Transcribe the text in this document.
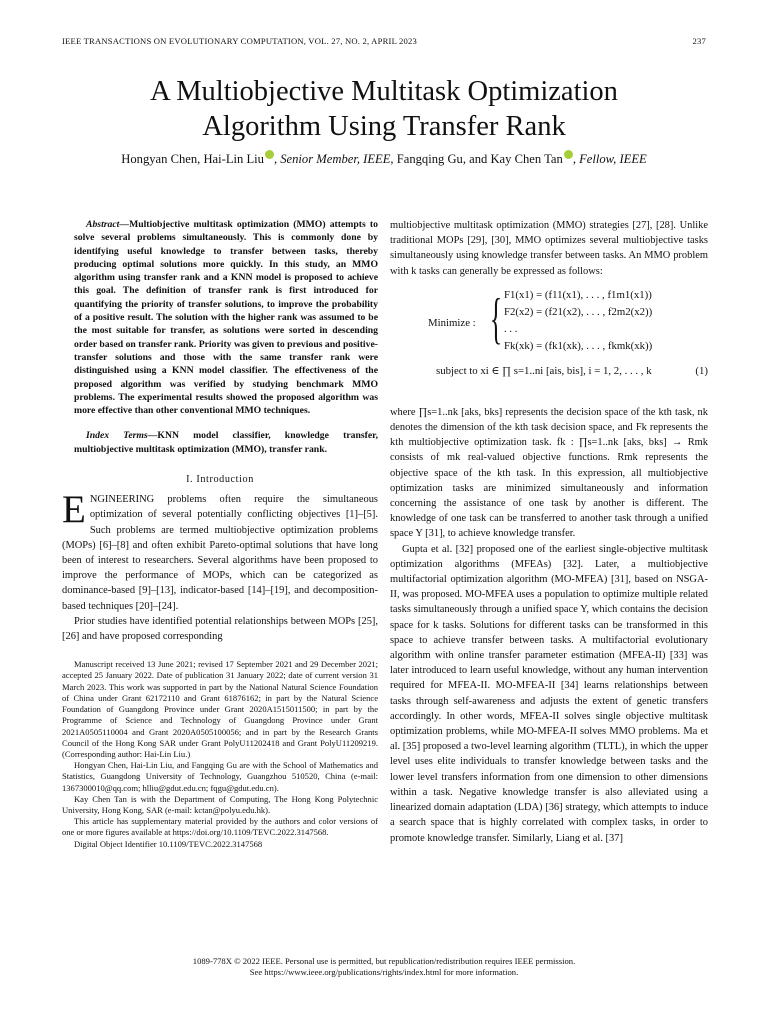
IEEE TRANSACTIONS ON EVOLUTIONARY COMPUTATION, VOL. 27, NO. 2, APRIL 2023	237
A Multiobjective Multitask Optimization
Algorithm Using Transfer Rank
Hongyan Chen, Hai-Lin Liu , Senior Member, IEEE, Fangqing Gu, and Kay Chen Tan , Fellow, IEEE

Abstract—Multiobjective multitask optimization (MMO) attempts to solve several problems simultaneously. This is commonly done by identifying useful knowledge to transfer between tasks, thereby producing optimal solutions more quickly. In this study, an MMO algorithm using transfer rank and a KNN model is proposed to achieve this goal. The definition of transfer rank is first introduced for quantifying the priority of transfer solutions, to improve the probability of a positive result. The solution with the higher rank was assumed to be the most suitable for transfer, as solutions were sorted in descending order based on transfer rank. Priority was given to previous and positive-transfer solutions and those with the same transfer rank were distinguished using a KNN model classifier. The effectiveness of the proposed algorithm was verified by studying benchmark MMO problems. The experimental results showed the proposed algorithm was more effective than other conventional MMO techniques.

Index Terms—KNN model classifier, knowledge transfer, multiobjective multitask optimization (MMO), transfer rank.

I. Introduction

ENGINEERING problems often require the simultaneous optimization of several potentially conflicting objectives [1]–[5]. Such problems are termed multiobjective optimization problems (MOPs) [6]–[8] and often exhibit Pareto-optimal solutions that have long been of interest to researchers. Several algorithms have been proposed to improve the performance of MOPs, which can be categorized as dominance-based [9]–[13], indicator-based [14]–[19], and decomposition-based techniques [20]–[24].

Prior studies have identified potential relationships between MOPs [25], [26] and have proposed corresponding

Manuscript received 13 June 2021; revised 17 September 2021 and 29 December 2021; accepted 25 January 2022. Date of publication 31 January 2022; date of current version 31 March 2023. This work was supported in part by the National Natural Science Foundation of China under Grant 62172110 and Grant 61876162; in part by the Natural Science Foundation of Guangdong Province under Grant 2020A1515011500; in part by the Programme of Science and Technology of Guangdong Province under Grant 2021A0505110004 and Grant 2020A0505100056; and in part by the Research Grants Council of the Hong Kong SAR under Grant PolyU11202418 and Grant PolyU11209219. (Corresponding author: Hai-Lin Liu.)

Hongyan Chen, Hai-Lin Liu, and Fangqing Gu are with the School of Mathematics and Statistics, Guangdong University of Technology, Guangzhou 510520, China (e-mail: 1367300010@qq.com; hlliu@gdut.edu.cn; fqgu@gdut.edu.cn).

Kay Chen Tan is with the Department of Computing, The Hong Kong Polytechnic University, Hong Kong, SAR (e-mail: kctan@polyu.edu.hk).

This article has supplementary material provided by the authors and color versions of one or more figures available at https://doi.org/10.1109/TEVC.2022.3147568.

Digital Object Identifier 10.1109/TEVC.2022.3147568

multiobjective multitask optimization (MMO) strategies [27], [28]. Unlike traditional MOPs [29], [30], MMO optimizes several multiobjective tasks simultaneously using knowledge transfer between tasks. An MMO problem with k tasks can generally be expressed as follows:

Minimize : { F1(x1) = (f11(x1), . . . , f1m1(x1))
F2(x2) = (f21(x2), . . . , f2m2(x2))
. . .
Fk(xk) = (fk1(xk), . . . , fkmk(xk))
subject to xi ∈ ∏ s=1..ni [ais, bis], i = 1, 2, . . . , k	(1)

where ∏s=1..nk [aks, bks] represents the decision space of the kth task, nk denotes the dimension of the kth task decision space, and Fk represents the kth multiobjective optimization task. fk : ∏s=1..nk [aks, bks] → Rmk consists of mk real-valued objective functions. Rmk represents the objective space of the kth task. In this expression, all multiobjective optimization tasks are minimized simultaneously and information concerning the assistance of one task by another is different. The knowledge of one task can be transferred to another task through a unified space Y [31], to achieve knowledge transfer.

Gupta et al. [32] proposed one of the earliest single-objective multitask optimization algorithms (MFEAs) [32]. Later, a multiobjective multifactorial optimization algorithm (MO-MFEA) [31], based on NSGA-II, was proposed. MO-MFEA uses a population to optimize multiple related tasks simultaneously through a unified space Y, which contains the decision space for k tasks. Solutions for different tasks can be transformed in this space to achieve transfer between tasks. A multifactorial evolutionary algorithm with online transfer parameter estimation (MFEA-II) [33] was later introduced to learn useful knowledge, without any human intervention required for MFEA-II. MO-MFEA-II [34] learns relationships between tasks through self-awareness and adjusts the extent of genetic transfers accordingly. In other words, MFEA-II solves single objective multitask optimization problems, while MO-MFEA-II solves MMO problems. Ma et al. [35] proposed a two-level learning algorithm (TLTL), in which the upper level uses elite individuals to transfer knowledge between tasks and the lower level transfers information from one dimension to other dimensions within a task. Negative knowledge transfer is also alleviated using a linearized domain adaptation (LDA) [36] strategy, which attempts to induce a search space that is highly correlated with complex tasks, in order to promote knowledge transfer. Similarly, Liang et al. [37]

1089-778X © 2022 IEEE. Personal use is permitted, but republication/redistribution requires IEEE permission.
See https://www.ieee.org/publications/rights/index.html for more information.
